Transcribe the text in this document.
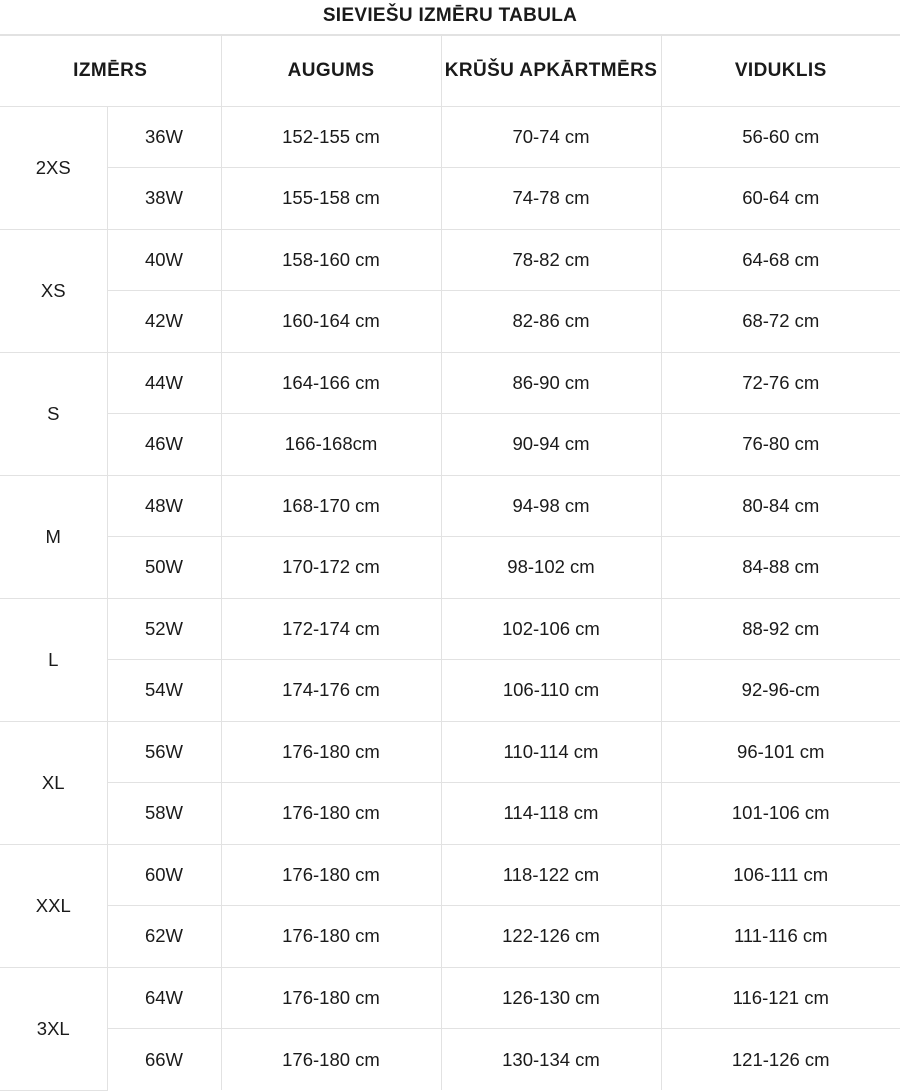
SIEVIEŠU IZMĒRU TABULA
IZMĒRS		AUGUMS	KRŪŠU APKĀRTMĒRS	VIDUKLIS
2XS	36W	152-155 cm	70-74 cm	56-60 cm
	38W	155-158 cm	74-78 cm	60-64 cm
XS	40W	158-160 cm	78-82 cm	64-68 cm
	42W	160-164 cm	82-86 cm	68-72 cm
S	44W	164-166 cm	86-90 cm	72-76 cm
	46W	166-168cm	90-94 cm	76-80 cm
M	48W	168-170 cm	94-98 cm	80-84 cm
	50W	170-172 cm	98-102 cm	84-88 cm
L	52W	172-174 cm	102-106 cm	88-92 cm
	54W	174-176 cm	106-110 cm	92-96-cm
XL	56W	176-180 cm	110-114 cm	96-101 cm
	58W	176-180 cm	114-118 cm	101-106 cm
XXL	60W	176-180 cm	118-122 cm	106-111 cm
	62W	176-180 cm	122-126 cm	111-116 cm
3XL	64W	176-180 cm	126-130 cm	116-121 cm
	66W	176-180 cm	130-134 cm	121-126 cm
